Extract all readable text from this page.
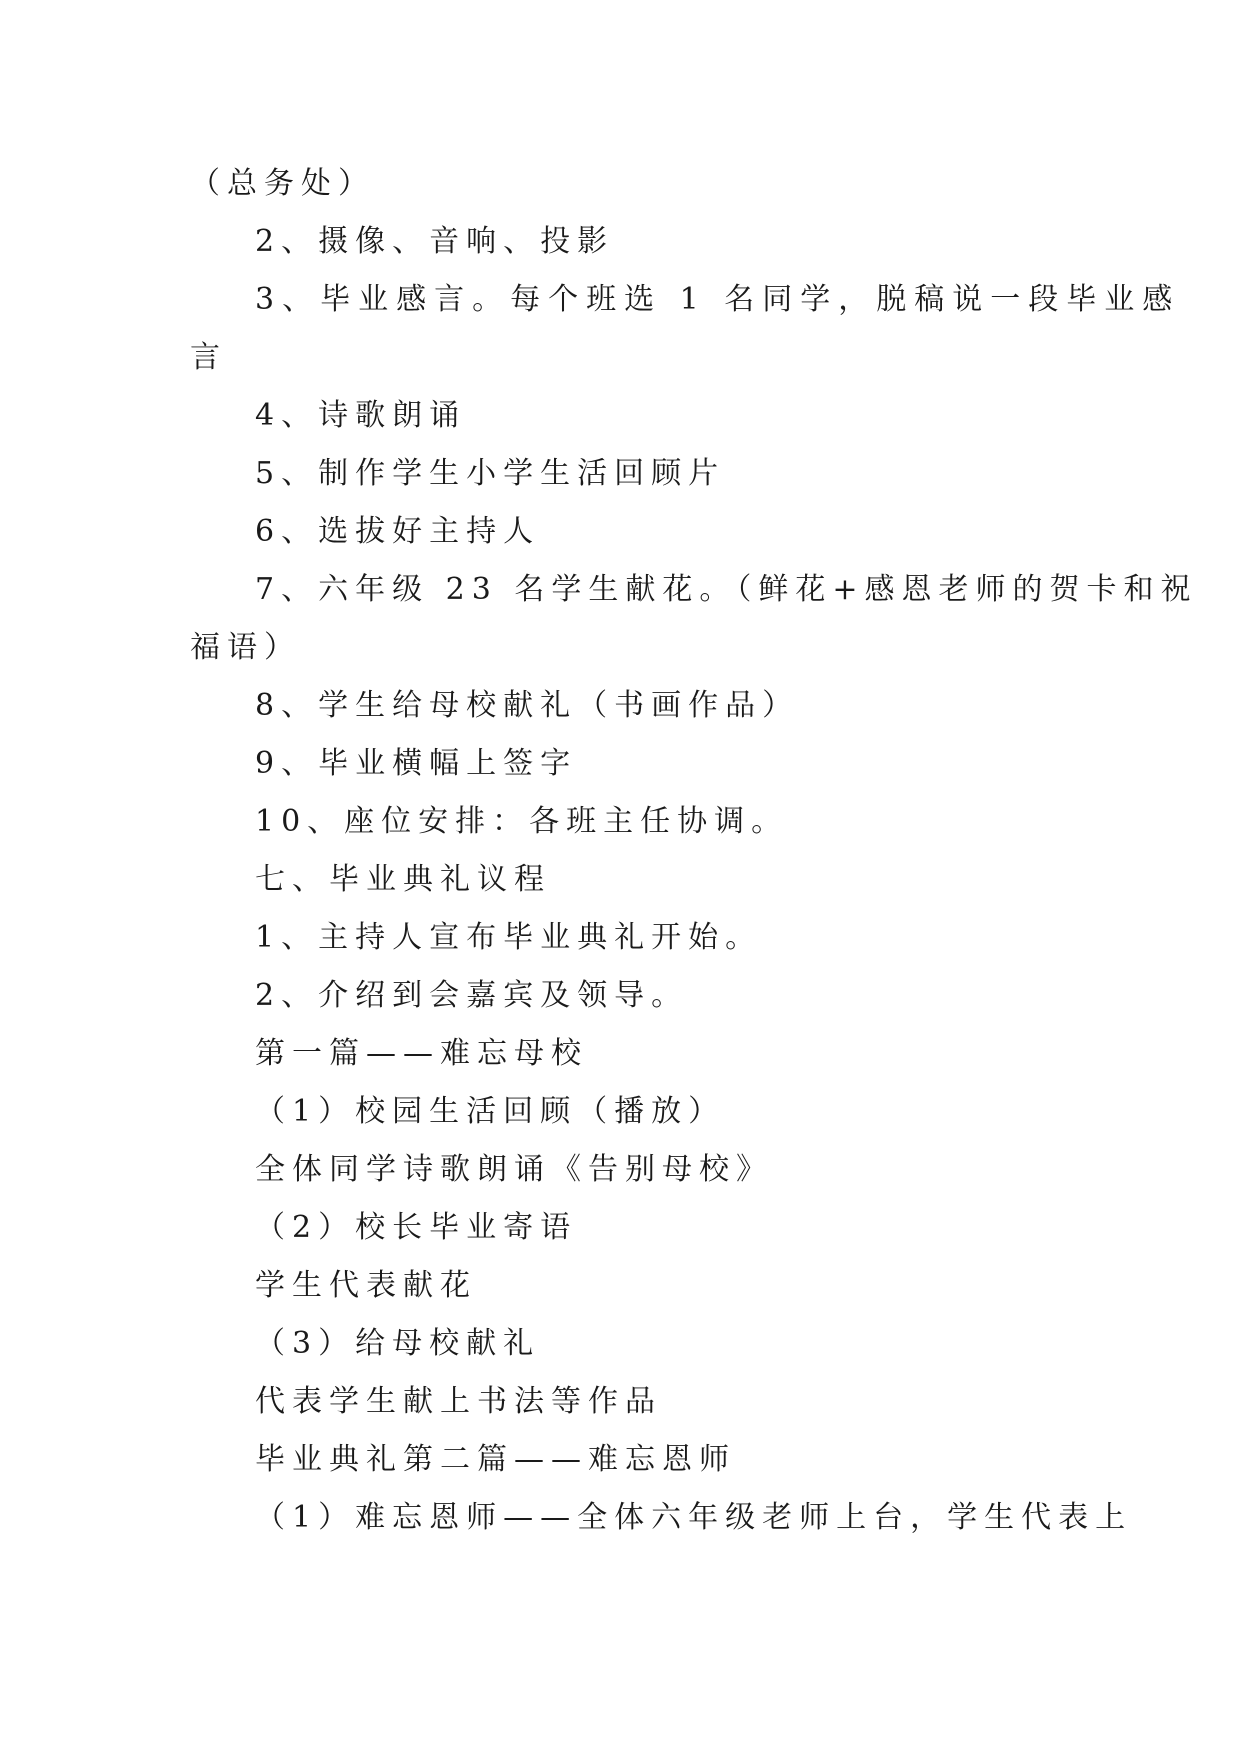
（总务处）
2、摄像、音响、投影
3、毕业感言。每个班选 1 名同学，脱稿说一段毕业感
言
4、诗歌朗诵
5、制作学生小学生活回顾片
6、选拔好主持人
7、六年级 23 名学生献花。（鲜花+感恩老师的贺卡和祝
福语）
8、学生给母校献礼（书画作品）
9、毕业横幅上签字
10、座位安排：各班主任协调。
七、毕业典礼议程
1、主持人宣布毕业典礼开始。
2、介绍到会嘉宾及领导。
第一篇——难忘母校
（1）校园生活回顾（播放）
全体同学诗歌朗诵《告别母校》
（2）校长毕业寄语
学生代表献花
（3）给母校献礼
代表学生献上书法等作品
毕业典礼第二篇——难忘恩师
（1）难忘恩师——全体六年级老师上台，学生代表上
